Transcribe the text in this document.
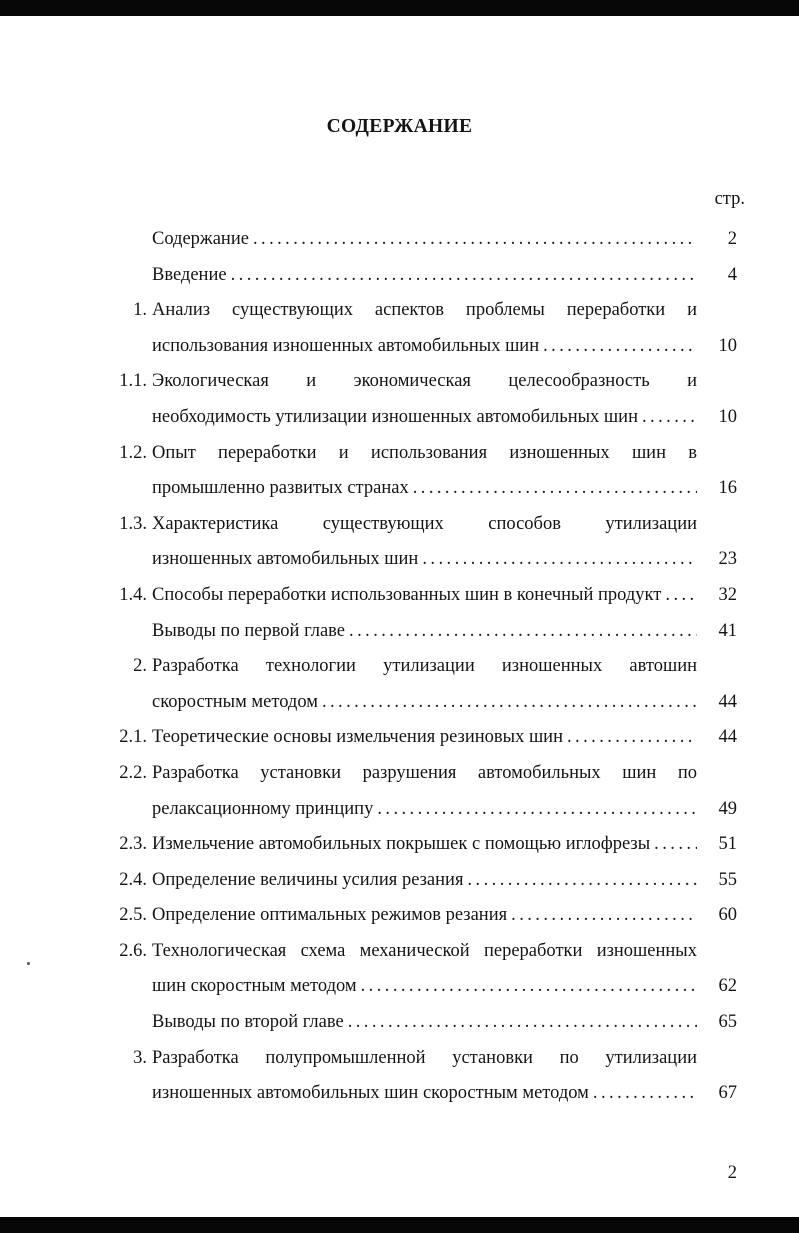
СОДЕРЖАНИЕ
стр.
Содержание . . .	2
Введение . . .	4
1. Анализ существующих аспектов проблемы переработки и
использования изношенных автомобильных шин . . .	10
1.1. Экологическая и экономическая целесообразность и
необходимость утилизации изношенных автомобильных шин . . .	10
1.2. Опыт переработки и использования изношенных шин в
промышленно развитых странах . . .	16
1.3. Характеристика существующих способов утилизации
изношенных автомобильных шин . . .	23
1.4. Способы переработки использованных шин в конечный продукт . . .	32
Выводы по первой главе . . .	41
2. Разработка технологии утилизации изношенных автошин
скоростным методом . . .	44
2.1. Теоретические основы измельчения резиновых шин . . .	44
2.2. Разработка установки разрушения автомобильных шин по
релаксационному принципу . . .	49
2.3. Измельчение автомобильных покрышек с помощью иглофрезы . . .	51
2.4. Определение величины усилия резания . . .	55
2.5. Определение оптимальных режимов резания . . .	60
2.6. Технологическая схема механической переработки изношенных
шин скоростным методом . . .	62
Выводы по второй главе . . .	65
3. Разработка полупромышленной установки по утилизации
изношенных автомобильных шин скоростным методом . . .	67
2
